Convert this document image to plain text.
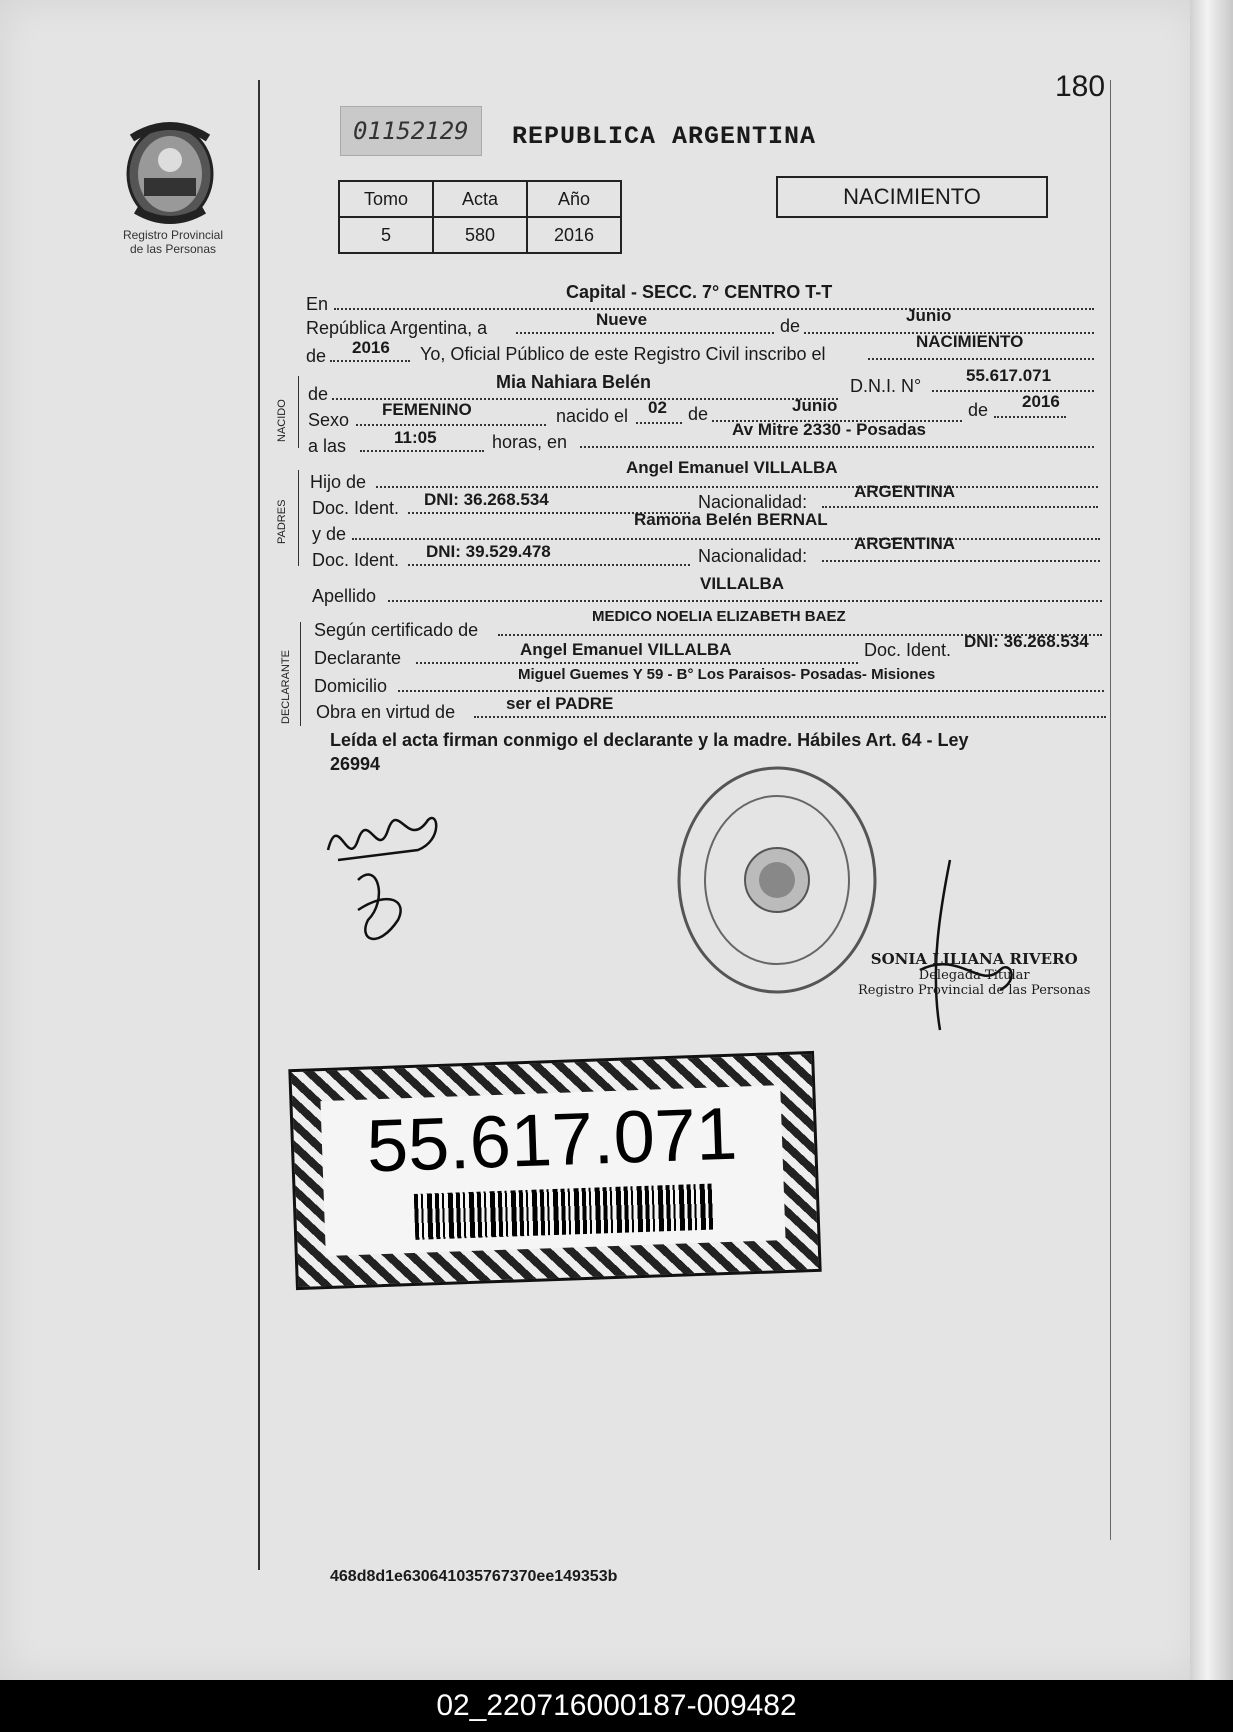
Registro Provincial
de las Personas
180
01152129	REPUBLICA ARGENTINA
Tomo	Acta	Año
5	580	2016
NACIMIENTO
En
Capital - SECC. 7° CENTRO T-T
República Argentina, a	Nueve	de
Junio
de 2016 Yo, Oficial Público de este Registro Civil inscribo el
NACIMIENTO
NACIDO
de
Mia Nahiara Belén	D.N.I. N°
55.617.071
Sexo
FEMENINO	nacido el 02 de	Junio	de 2016
a las	11:05	horas, en
Av Mitre 2330 - Posadas
PADRES
Hijo de
Angel Emanuel VILLALBA
Doc. Ident. DNI: 36.268.534	Nacionalidad:
ARGENTINA
y de
Ramona Belén BERNAL
Doc. Ident. DNI: 39.529.478	Nacionalidad:
ARGENTINA
Apellido
VILLALBA
DECLARANTE
Según certificado de
MEDICO NOELIA ELIZABETH BAEZ
Declarante	Angel Emanuel VILLALBA	Doc. Ident. DNI: 36.268.534
Domicilio
Miguel Guemes Y 59 - B° Los Paraisos- Posadas- Misiones
Obra en virtud de	ser el PADRE
Leída el acta firman conmigo el declarante y la madre. Hábiles Art. 64 - Ley
26994
SONIA LILIANA RIVERO
Delegada Titular
Registro Provincial de las Personas
55.617.071
468d8d1e630641035767370ee149353b
02_220716000187-009482
